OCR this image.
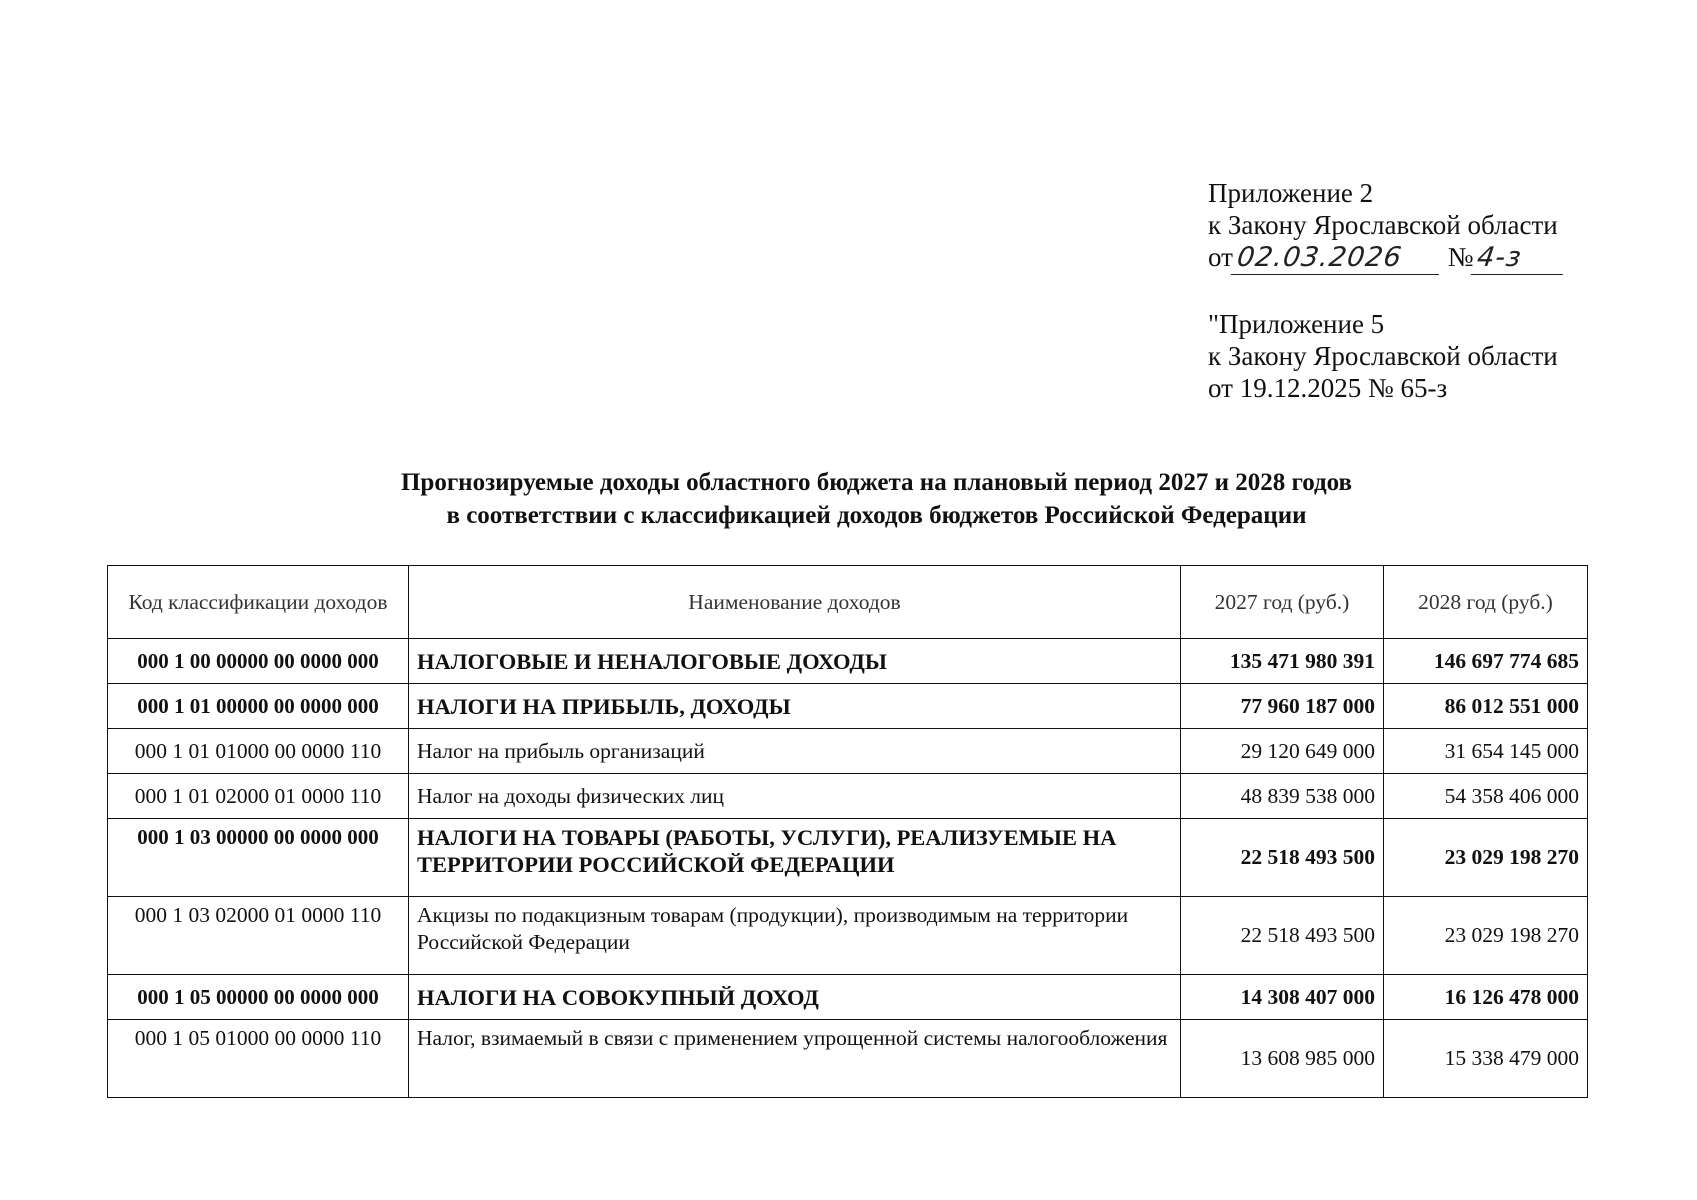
Приложение 2
к Закону Ярославской области
от02.03.2026 №4-з
"Приложение 5
к Закону Ярославской области
от 19.12.2025 № 65-з
Прогнозируемые доходы областного бюджета на плановый период 2027 и 2028 годов
в соответствии с классификацией доходов бюджетов Российской Федерации
Код классификации доходов	Наименование доходов	2027 год (руб.)	2028 год (руб.)
000 1 00 00000 00 0000 000	НАЛОГОВЫЕ И НЕНАЛОГОВЫЕ ДОХОДЫ	135 471 980 391	146 697 774 685
000 1 01 00000 00 0000 000	НАЛОГИ НА ПРИБЫЛЬ, ДОХОДЫ	77 960 187 000	86 012 551 000
000 1 01 01000 00 0000 110	Налог на прибыль организаций	29 120 649 000	31 654 145 000
000 1 01 02000 01 0000 110	Налог на доходы физических лиц	48 839 538 000	54 358 406 000
000 1 03 00000 00 0000 000	НАЛОГИ НА ТОВАРЫ (РАБОТЫ, УСЛУГИ), РЕАЛИЗУЕМЫЕ НА ТЕРРИТОРИИ РОССИЙСКОЙ ФЕДЕРАЦИИ	22 518 493 500	23 029 198 270
000 1 03 02000 01 0000 110	Акцизы по подакцизным товарам (продукции), производимым на территории Российской Федерации	22 518 493 500	23 029 198 270
000 1 05 00000 00 0000 000	НАЛОГИ НА СОВОКУПНЫЙ ДОХОД	14 308 407 000	16 126 478 000
000 1 05 01000 00 0000 110	Налог, взимаемый в связи с применением упрощенной системы налогообложения	13 608 985 000	15 338 479 000
